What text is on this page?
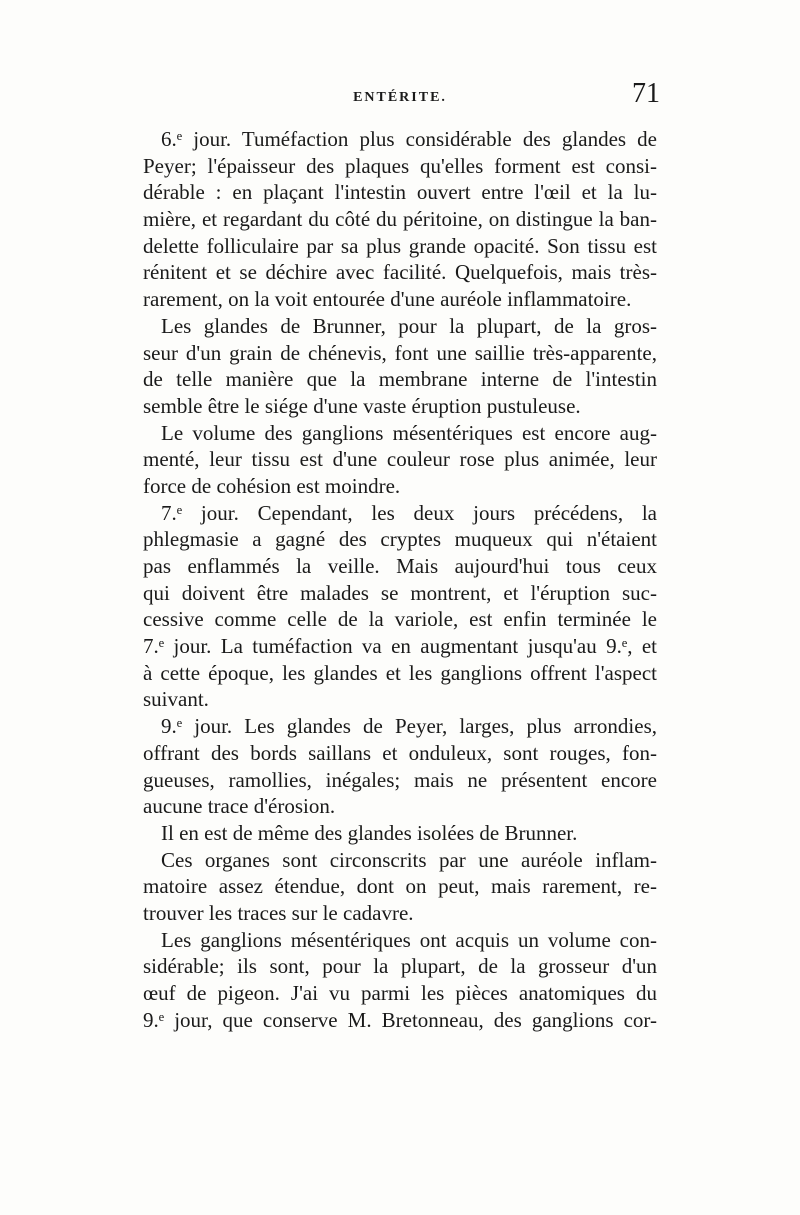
ENTÉRITE.	71
6.ᵉ jour. Tuméfaction plus considérable des glandes de
Peyer; l'épaisseur des plaques qu'elles forment est consi-
dérable : en plaçant l'intestin ouvert entre l'œil et la lu-
mière, et regardant du côté du péritoine, on distingue la ban-
delette folliculaire par sa plus grande opacité. Son tissu est
rénitent et se déchire avec facilité. Quelquefois, mais très-
rarement, on la voit entourée d'une auréole inflammatoire.
Les glandes de Brunner, pour la plupart, de la gros-
seur d'un grain de chénevis, font une saillie très-apparente,
de telle manière que la membrane interne de l'intestin
semble être le siége d'une vaste éruption pustuleuse.
Le volume des ganglions mésentériques est encore aug-
menté, leur tissu est d'une couleur rose plus animée, leur
force de cohésion est moindre.
7.ᵉ jour. Cependant, les deux jours précédens, la
phlegmasie a gagné des cryptes muqueux qui n'étaient
pas enflammés la veille. Mais aujourd'hui tous ceux
qui doivent être malades se montrent, et l'éruption suc-
cessive comme celle de la variole, est enfin terminée le
7.ᵉ jour. La tuméfaction va en augmentant jusqu'au 9.ᵉ, et
à cette époque, les glandes et les ganglions offrent l'aspect
suivant.
9.ᵉ jour. Les glandes de Peyer, larges, plus arrondies,
offrant des bords saillans et onduleux, sont rouges, fon-
gueuses, ramollies, inégales; mais ne présentent encore
aucune trace d'érosion.
Il en est de même des glandes isolées de Brunner.
Ces organes sont circonscrits par une auréole inflam-
matoire assez étendue, dont on peut, mais rarement, re-
trouver les traces sur le cadavre.
Les ganglions mésentériques ont acquis un volume con-
sidérable; ils sont, pour la plupart, de la grosseur d'un
œuf de pigeon. J'ai vu parmi les pièces anatomiques du
9.ᵉ jour, que conserve M. Bretonneau, des ganglions cor-
